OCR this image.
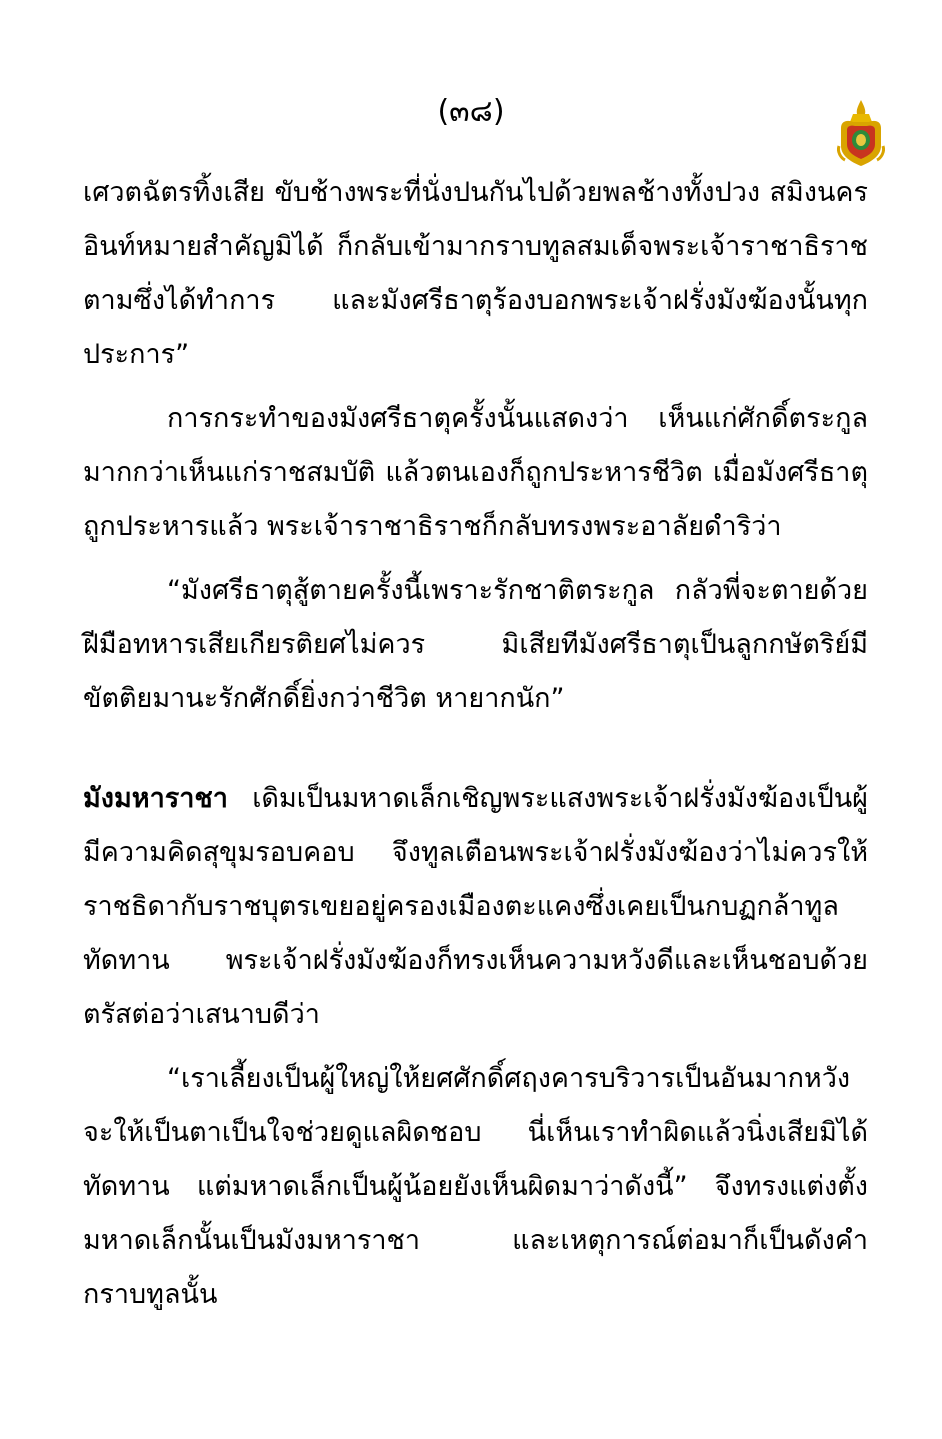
(๓๘)

เศวตฉัตรทิ้งเสีย ขับช้างพระที่นั่งปนกันไปด้วยพลช้างทั้งปวง สมิงนครอินท์หมายสำคัญมิได้ ก็กลับเข้ามากราบทูลสมเด็จพระเจ้าราชาธิราชตามซึ่งได้ทำการ และมังศรีธาตุร้องบอกพระเจ้าฝรั่งมังฆ้องนั้นทุกประการ”

การกระทำของมังศรีธาตุครั้งนั้นแสดงว่า เห็นแก่ศักดิ์ตระกูลมากกว่าเห็นแก่ราชสมบัติ แล้วตนเองก็ถูกประหารชีวิต เมื่อมังศรีธาตุถูกประหารแล้ว พระเจ้าราชาธิราชก็กลับทรงพระอาลัยดำริว่า

“มังศรีธาตุสู้ตายครั้งนี้เพราะรักชาติตระกูล กลัวพี่จะตายด้วยฝีมือทหารเสียเกียรติยศไม่ควร มิเสียทีมังศรีธาตุเป็นลูกกษัตริย์มีขัตติยมานะรักศักดิ์ยิ่งกว่าชีวิต หายากนัก”

มังมหาราชา เดิมเป็นมหาดเล็กเชิญพระแสงพระเจ้าฝรั่งมังฆ้องเป็นผู้มีความคิดสุขุมรอบคอบ จึงทูลเตือนพระเจ้าฝรั่งมังฆ้องว่าไม่ควรให้ราชธิดากับราชบุตรเขยอยู่ครองเมืองตะแคงซึ่งเคยเป็นกบฏกล้าทูลทัดทาน พระเจ้าฝรั่งมังฆ้องก็ทรงเห็นความหวังดีและเห็นชอบด้วย ตรัสต่อว่าเสนาบดีว่า

“เราเลี้ยงเป็นผู้ใหญ่ให้ยศศักดิ์ศฤงคารบริวารเป็นอันมากหวังจะให้เป็นตาเป็นใจช่วยดูแลผิดชอบ นี่เห็นเราทำผิดแล้วนิ่งเสียมิได้ทัดทาน แต่มหาดเล็กเป็นผู้น้อยยังเห็นผิดมาว่าดังนี้” จึงทรงแต่งตั้งมหาดเล็กนั้นเป็นมังมหาราชา และเหตุการณ์ต่อมาก็เป็นดังคำกราบทูลนั้น
